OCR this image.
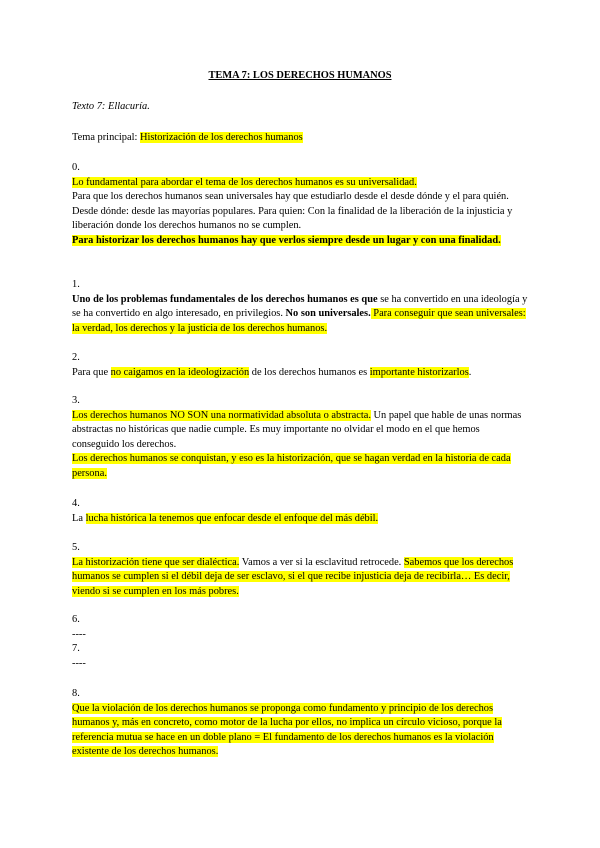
TEMA 7: LOS DERECHOS HUMANOS
Texto 7: Ellacuría.
Tema principal: Historización de los derechos humanos

0.

Lo fundamental para abordar el tema de los derechos humanos es su universalidad.

Para que los derechos humanos sean universales hay que estudiarlo desde el desde dónde y el para quién. Desde dónde: desde las mayorías populares. Para quien: Con la finalidad de la liberación de la injusticia y liberación donde los derechos humanos no se cumplen.

Para historizar los derechos humanos hay que verlos siempre desde un lugar y con una finalidad.

1.

Uno de los problemas fundamentales de los derechos humanos es que se ha convertido en una ideología y se ha convertido en algo interesado, en privilegios. No son universales. Para conseguir que sean universales: la verdad, los derechos y la justicia de los derechos humanos.

2.

Para que no caigamos en la ideologización de los derechos humanos es importante historizarlos.

3.

Los derechos humanos NO SON una normatividad absoluta o abstracta. Un papel que hable de unas normas abstractas no históricas que nadie cumple. Es muy importante no olvidar el modo en el que hemos conseguido los derechos.

Los derechos humanos se conquistan, y eso es la historización, que se hagan verdad en la historia de cada persona.

4.

La lucha histórica la tenemos que enfocar desde el enfoque del más débil.

5.

La historización tiene que ser dialéctica. Vamos a ver si la esclavitud retrocede. Sabemos que los derechos humanos se cumplen si el débil deja de ser esclavo, si el que recibe injusticia deja de recibirla… Es decir, viendo si se cumplen en los más pobres.

6.

----

7.

----

8.

Que la violación de los derechos humanos se proponga como fundamento y principio de los derechos humanos y, más en concreto, como motor de la lucha por ellos, no implica un círculo vicioso, porque la referencia mutua se hace en un doble plano = El fundamento de los derechos humanos es la violación existente de los derechos humanos.
